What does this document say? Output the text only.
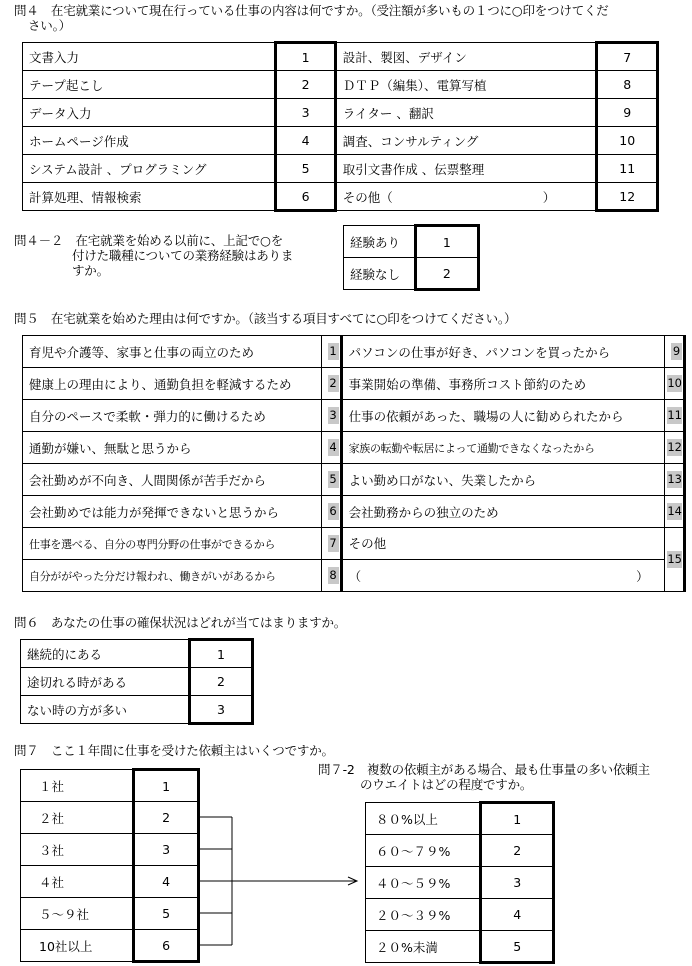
問４　在宅就業について現在行っている仕事の内容は何ですか。（受注額が多いもの１つに○印をつけてくだ
さい。）
文書入力	1	設計、製図、デザイン	7
テープ起こし	2	ＤＴＰ（編集）、電算写植	8
データ入力	3	ライター 、翻訳	9
ホームページ作成	4	調査、コンサルティング	10
システム設計 、プログラミング	5	取引文書作成 、伝票整理	11
計算処理、情報検索	6	その他（　　　　　　　　　　　　）	12
問４－２　在宅就業を始める以前に、上記で○を
付けた職種についての業務経験はありま
すか。
経験あり	1
経験なし	2
問５　在宅就業を始めた理由は何ですか。（該当する項目すべてに○印をつけてください。）
育児や介護等、家事と仕事の両立のため	1	パソコンの仕事が好き、パソコンを買ったから	9
健康上の理由により、通勤負担を軽減するため	2	事業開始の準備、事務所コスト節約のため	10
自分のペースで柔軟・弾力的に働けるため	3	仕事の依頼があった、職場の人に勧められたから	11
通勤が嫌い、無駄と思うから	4	家族の転勤や転居によって通勤できなくなったから	12
会社勤めが不向き、人間関係が苦手だから	5	よい勤め口がない、失業したから	13
会社勤めでは能力が発揮できないと思うから	6	会社勤務からの独立のため	14
仕事を選べる、自分の専門分野の仕事ができるから	7	その他	15
自分ががやった分だけ報われ、働きがいがあるから	8	（　　　　　　　　　　　　　　　　　　　　　　）	
問６　あなたの仕事の確保状況はどれが当てはまりますか。
継続的にある	1
途切れる時がある	2
ない時の方が多い	3
問７　ここ１年間に仕事を受けた依頼主はいくつですか。
１社	1
２社	2
３社	3
４社	4
５～９社	5
10社以上	6
問７-2　複数の依頼主がある場合、最も仕事量の多い依頼主
のウエイトはどの程度ですか。
８０%以上	1
６０～７９%	2
４０～５９%	3
２０～３９%	4
２０%未満	5
